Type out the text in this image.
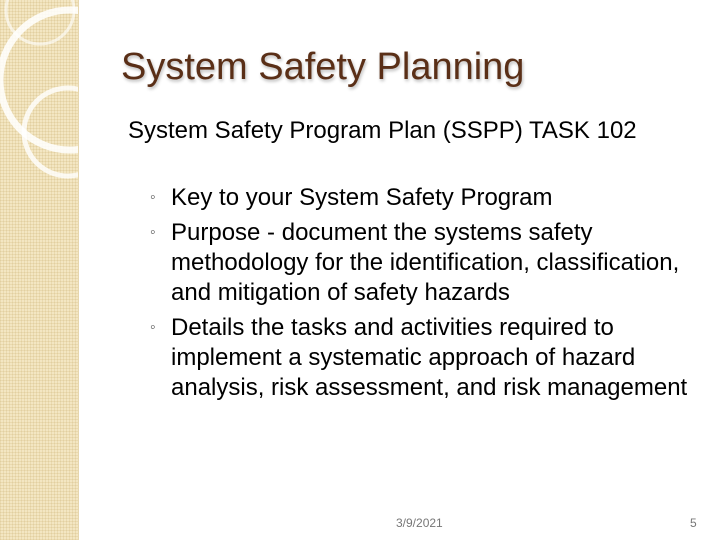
System Safety Planning

System Safety Program Plan (SSPP) TASK 102

◦ Key to your System Safety Program
◦ Purpose - document the systems safety methodology for the identification, classification, and mitigation of safety hazards
◦ Details the tasks and activities required to implement a systematic approach of hazard analysis, risk assessment, and risk management
3/9/2021	5
